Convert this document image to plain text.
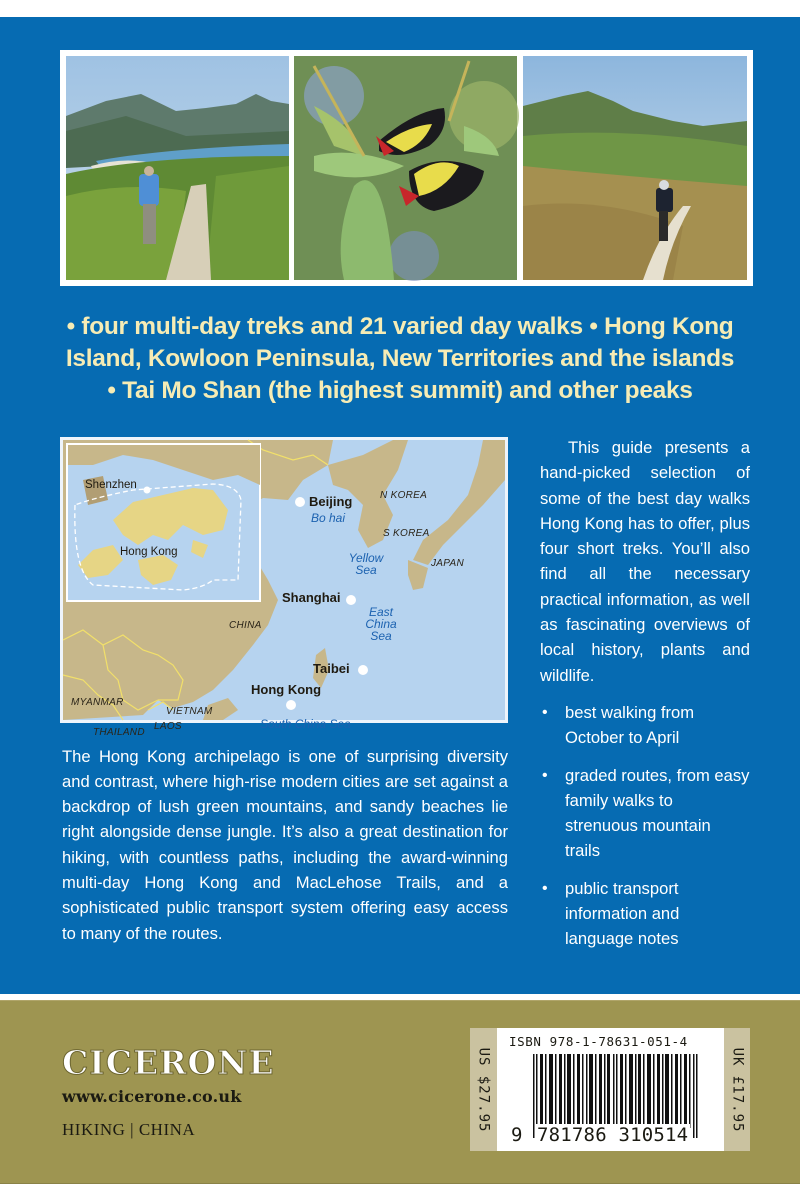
• four multi-day treks and 21 varied day walks • Hong Kong
Island, Kowloon Peninsula, New Territories and the islands
• Tai Mo Shan (the highest summit) and other peaks
Shenzhen
Hong Kong
Beijing
Bo hai
N KOREA
S KOREA
Yellow
Sea	JAPAN
Shanghai
East
China
Sea
CHINA
Taibei
Hong Kong
MYANMAR
VIETNAM
THAILAND
LAOS	South China Sea

The Hong Kong archipelago is one of surprising diversity and contrast, where high-rise modern cities are set against a backdrop of lush green mountains, and sandy beaches lie right alongside dense jungle. It’s also a great destination for hiking, with countless paths, including the award-winning multi-day Hong Kong and MacLehose Trails, and a sophisticated public transport system offering easy access to many of the routes.

This guide presents a hand-picked selection of some of the best day walks Hong Kong has to offer, plus four short treks. You’ll also find all the necessary practical information, as well as fascinating overviews of local history, plants and wildlife.

• best walking from October to April
• graded routes, from easy family walks to strenuous mountain trails
• public transport information and language notes
CICERONE
www.cicerone.co.uk
HIKING | CHINA	US $27.95
ISBN 978-1-78631-051-4
9 781786 310514
UK £17.95
